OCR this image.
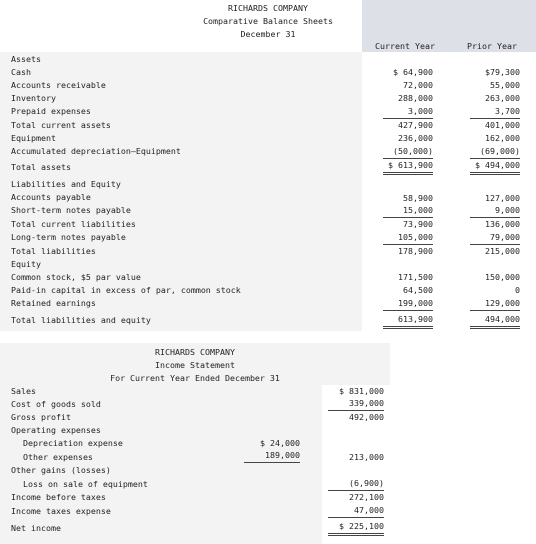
RICHARDS COMPANY
Comparative Balance Sheets
December 31
Current Year	Prior Year
Assets
Cash	$ 64,900	$79,300
Accounts receivable	72,000	55,000
Inventory	288,000	263,000
Prepaid expenses	3,000	3,700
Total current assets	427,900	401,000
Equipment	236,000	162,000
Accumulated depreciation—Equipment	(50,000)	(69,000)
Total assets	$ 613,900	$ 494,000
Liabilities and Equity
Accounts payable	58,900	127,000
Short-term notes payable	15,000	9,000
Total current liabilities	73,900	136,000
Long-term notes payable	105,000	79,000
Total liabilities	178,900	215,000
Equity
Common stock, $5 par value	171,500	150,000
Paid-in capital in excess of par, common stock	64,500	0
Retained earnings	199,000	129,000
Total liabilities and equity	613,900	494,000
RICHARDS COMPANY
Income Statement
For Current Year Ended December 31
Sales	$ 831,000
Cost of goods sold	339,000
Gross profit	492,000
Operating expenses
Depreciation expense	$ 24,000
Other expenses	189,000	213,000
Other gains (losses)
Loss on sale of equipment	(6,900)
Income before taxes	272,100
Income taxes expense	47,000
Net income	$ 225,100
